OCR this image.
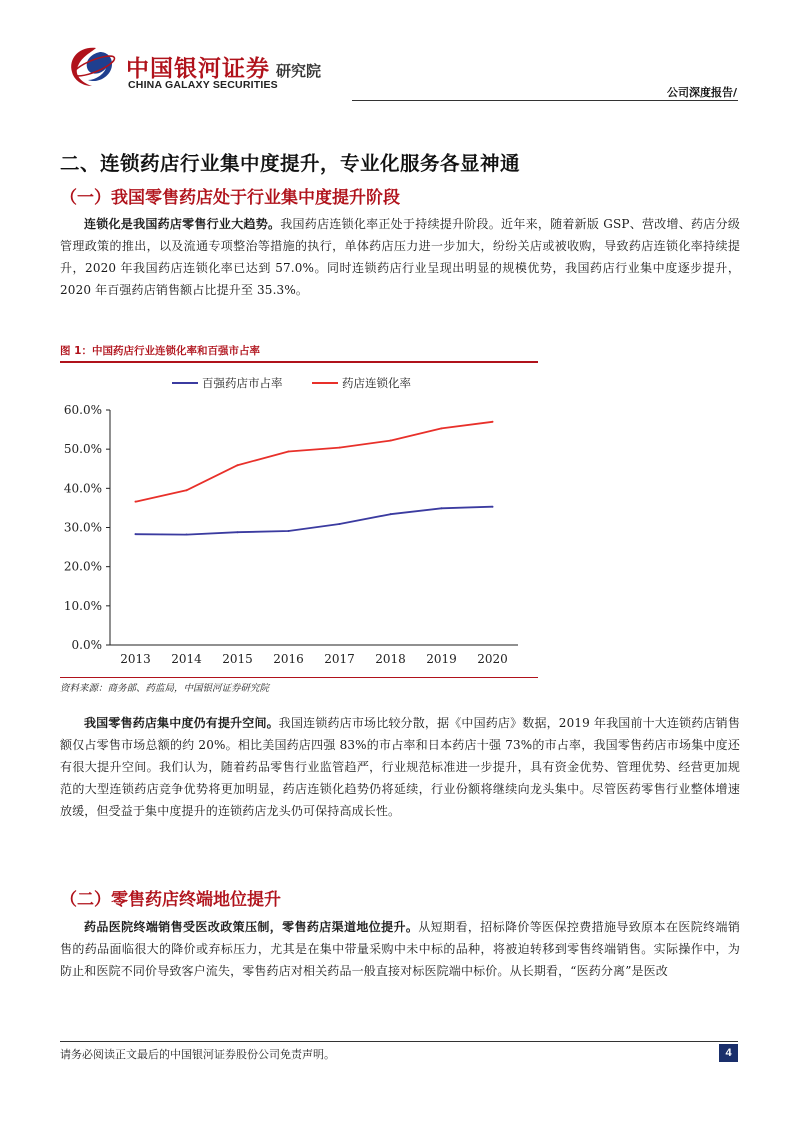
中国银河证券
CHINA GALAXY SECURITIES
研究院
公司深度报告/
二、连锁药店行业集中度提升，专业化服务各显神通
（一）我国零售药店处于行业集中度提升阶段
连锁化是我国药店零售行业大趋势。我国药店连锁化率正处于持续提升阶段。近年来，随着新版 GSP、营改增、药店分级管理政策的推出，以及流通专项整治等措施的执行，单体药店压力进一步加大，纷纷关店或被收购，导致药店连锁化率持续提升，2020 年我国药店连锁化率已达到 57.0%。同时连锁药店行业呈现出明显的规模优势，我国药店行业集中度逐步提升，2020 年百强药店销售额占比提升至 35.3%。
图 1：中国药店行业连锁化率和百强市占率
0.0%
10.0%
20.0%
30.0%
40.0%
50.0%
60.0%
2013 2014 2015 2016 2017 2018 2019 2020
百强药店市占率	药店连锁化率
资料来源：商务部、药监局，中国银河证券研究院
我国零售药店集中度仍有提升空间。我国连锁药店市场比较分散，据《中国药店》数据，2019 年我国前十大连锁药店销售额仅占零售市场总额的约 20%。相比美国药店四强 83%的市占率和日本药店十强 73%的市占率，我国零售药店市场集中度还有很大提升空间。我们认为，随着药品零售行业监管趋严，行业规范标准进一步提升，具有资金优势、管理优势、经营更加规范的大型连锁药店竞争优势将更加明显，药店连锁化趋势仍将延续，行业份额将继续向龙头集中。尽管医药零售行业整体增速放缓，但受益于集中度提升的连锁药店龙头仍可保持高成长性。
（二）零售药店终端地位提升
药品医院终端销售受医改政策压制，零售药店渠道地位提升。从短期看，招标降价等医保控费措施导致原本在医院终端销售的药品面临很大的降价或弃标压力，尤其是在集中带量采购中未中标的品种，将被迫转移到零售终端销售。实际操作中，为防止和医院不同价导致客户流失，零售药店对相关药品一般直接对标医院端中标价。从长期看，“医药分离”是医改
请务必阅读正文最后的中国银河证券股份公司免责声明。	4
